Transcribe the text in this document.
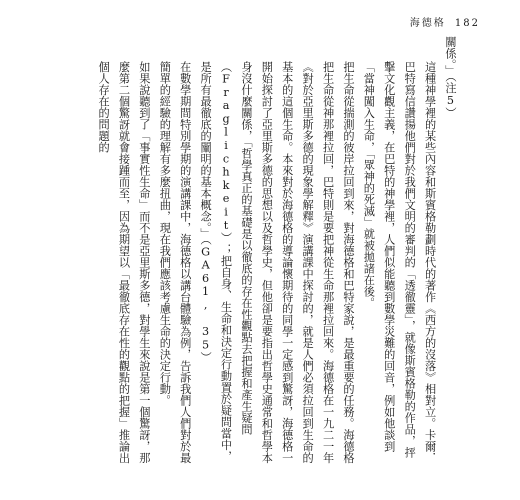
海德格 182

關係。」（注5）

這種神學裡的某些內容和斯賓格勒劃時代的著作《西方的沒落》相對立。卡爾．巴特寫信讚揚他們對於我們文明的審判的「透徹靈」，就像斯賓格勒的作品，抨擊文化觀主義，在巴特的神學裡，人們似能聽到數學災難的回音，例如他談到「當神闖入生命，「眾神的死滅」就被拋諸在後。

把生命從揣測的彼岸拉回到來，對海德格和巴特家說，是最重要的任務。海德格把生命從神那裡拉回，巴特則是要把神從生命那裡拉回來。海德格在一九二一年《對於亞里斯多德的現象學解釋》演講課中探討的，就是人們必須拉回到生命的基本的這個生命。本來對於海德格的導論懷期待的同學一定感到驚訝，海德格一開始探討了亞里斯多德的思想以及哲學史，但他卻是要指出哲學史通常和哲學本身沒什麼關係，「哲學真正的基礎是以徹底的存在性觀點去把握和產生疑問（Fraglichkeit）；把自身、生命和決定行動置於疑問當中，是所有最徹底的闡明的基本概念。」（GA61, 35）

在數學期間特別學期的演講課中，海德格以講台體驗為例，告訴我們人們對於最簡單的經驗的理解有多麼扭曲，現在我們應該考慮生命的決定行動。

如果說聽到了「事實性生命」而不是亞里斯多德，對學生來說是第一個驚訝，那麼第二個驚訝就會接踵而至，因為期望以「最徹底存在性的觀點的把握」推論出個人存在的問題的
